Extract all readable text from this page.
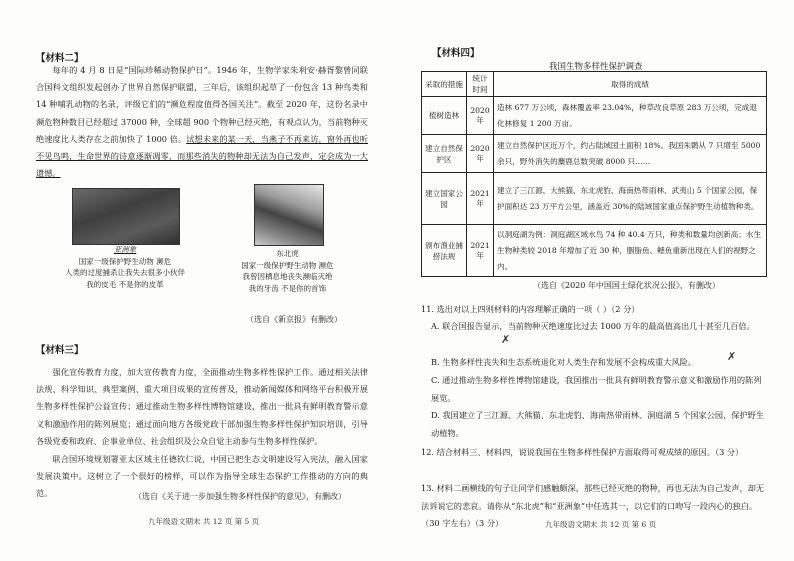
【材料二】
每年的 4 月 8 日是“国际珍稀动物保护日”。1946 年，生物学家朱利安·赫胥黎曾同联合国科文组织发起创办了世界自然保护联盟，三年后，该组织起草了一份包含 13 种鸟类和 14 种哺乳动物的名录，评级它们的“濒危程度值得各国关注”。截至 2020 年，这份名录中濒危物种数目已经超过 37000 种，全球超 900 个物种已经灭绝，有观点认为，当前物种灭绝速度比人类存在之前加快了 1000 倍。试想未来的某一天，当燕子不再来访，窗外再也听不见鸟鸣，生命世界的诗意逐渐凋零，而那些消失的物种却无法为自己发声，定会成为一大遗憾。
亚洲象
国家一级保护野生动物 濒危
人类的过度捕杀让我失去很多小伙伴
我的皮毛 不是你的皮革
东北虎
国家一级保护野生动物 濒危
我曾因栖息地丧失濒临灭绝
我的牙齿 不是你的首饰
（选自《新京报》有删改）
【材料三】
强化宣传教育力度，加大宣传教育力度，全面推动生物多样性保护工作。通过相关法律法规、科学知识、典型案例、重大项目成果的宣传普及，推动新闻媒体和网络平台积极开展生物多样性保护公益宣传；通过推动生物多样性博物馆建设，推出一批具有鲜明教育警示意义和激励作用的陈列展览；通过面向地方各级党政干部加强生物多样性保护知识培训，引导各级党委和政府、企事业单位、社会组织及公众自觉主动参与生物多样性保护。
联合国环境规划署亚太区域主任德钦仁说，中国已把生态文明建设写入宪法，融入国家发展决策中。这树立了一个很好的榜样，可以作为指导全球生态保护工作推动的方向的典范。	（选自《关于进一步加强生物多样性保护的意见》，有删改）
九年级语文期末 共 12 页 第 5 页
【材料四】
我国生物多样性保护调查
采取的措施	统计时间	取得的成绩
植树造林	2020年	造林 677 万公顷，森林覆盖率 23.04%，种草改良草原 283 万公顷，完成退化林修复 1 200 万亩。
建立自然保护区	2020年	建立自然保护区近万个，约占陆域国土面积 18%。我国朱鹮从 7 只增至 5000 余只，野外消失的麋鹿总数突破 8000 只……
建立国家公园	2021年	建立了三江源、大熊猫、东北虎豹、海南热带雨林、武夷山 5 个国家公园，保护面积达 23 万平方公里，涵盖近 30%的陆域国家重点保护野生动植物种类。
颁布渔业捕捞法规	2021年	以洞庭湖为例：洞庭湖区域水鸟 74 种 40.4 万只，种类和数量均创新高；水生生物种类较 2018 年增加了近 30 种，胭脂鱼、鳡鱼重新出现在人们的视野之内。
（选自《2020 年中国国土绿化状况公报》，有删改）
11. 选出对以上四则材料的内容理解正确的一项（ ）（2 分）
A. 联合国报告显示，当前物种灭绝速度比过去 1000 万年的最高值高出几十甚至几百倍。
B. 生物多样性丧失和生态系统退化对人类生存和发展不会构成重大风险。
C. 通过推动生物多样性博物馆建设，我国推出一批具有鲜明教育警示意义和激励作用的陈列展览。
D. 我国建立了三江源、大熊猫、东北虎豹、海南热带雨林、洞庭湖 5 个国家公园，保护野生动植物。
✗
✗
12. 结合材料三、材料四，说说我国在生物多样性保护方面取得可观成绩的原因。（3 分）
13. 材料二画横线的句子让同学们感触颇深，那些已经灭绝的物种，再也无法为自己发声，却无法诉说它的悲哀。请你从“东北虎”和“亚洲象”中任选其一，以它们的口吻写一段内心的独白。（30 字左右）（3 分）	九年级语文期末 共 12 页 第 6 页
